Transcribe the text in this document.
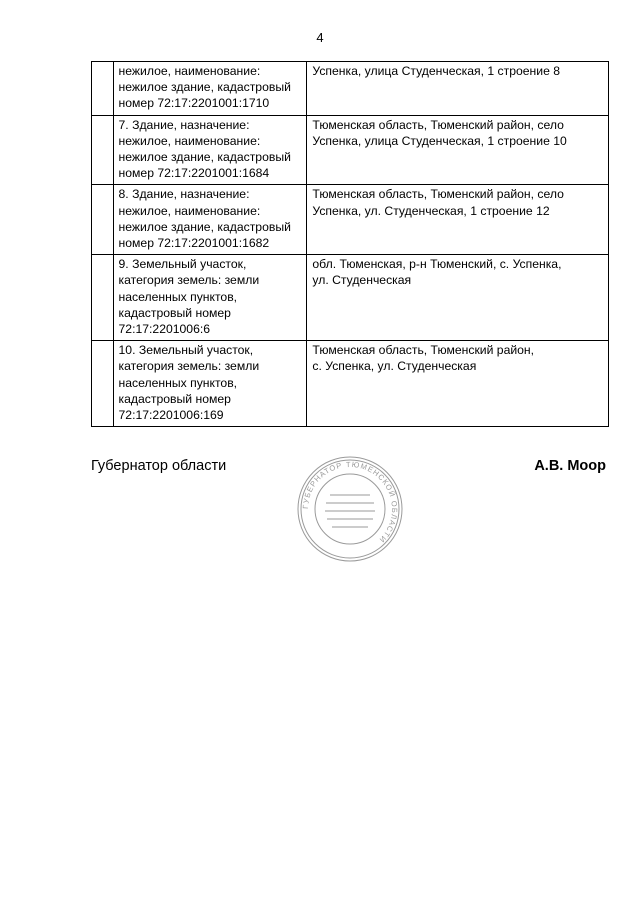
4

	нежилое, наименование:
нежилое здание, кадастровый
номер 72:17:2201001:1710	Успенка, улица Студенческая, 1 строение 8

	7. Здание, назначение:
нежилое, наименование:
нежилое здание, кадастровый
номер 72:17:2201001:1684	Тюменская область, Тюменский район, село
Успенка, улица Студенческая, 1 строение 10

	8. Здание, назначение:
нежилое, наименование:
нежилое здание, кадастровый
номер 72:17:2201001:1682	Тюменская область, Тюменский район, село
Успенка, ул. Студенческая, 1 строение 12

	9. Земельный участок,
категория земель: земли
населенных пунктов,
кадастровый номер
72:17:2201006:6	обл. Тюменская, р-н Тюменский, с. Успенка,
ул. Студенческая

	10. Земельный участок,
категория земель: земли
населенных пунктов,
кадастровый номер
72:17:2201006:169	Тюменская область, Тюменский район,
с. Успенка, ул. Студенческая
Губернатор области	А.В. Моор
ГУБЕРНАТОР ТЮМЕНСКОЙ ОБЛАСТИ
